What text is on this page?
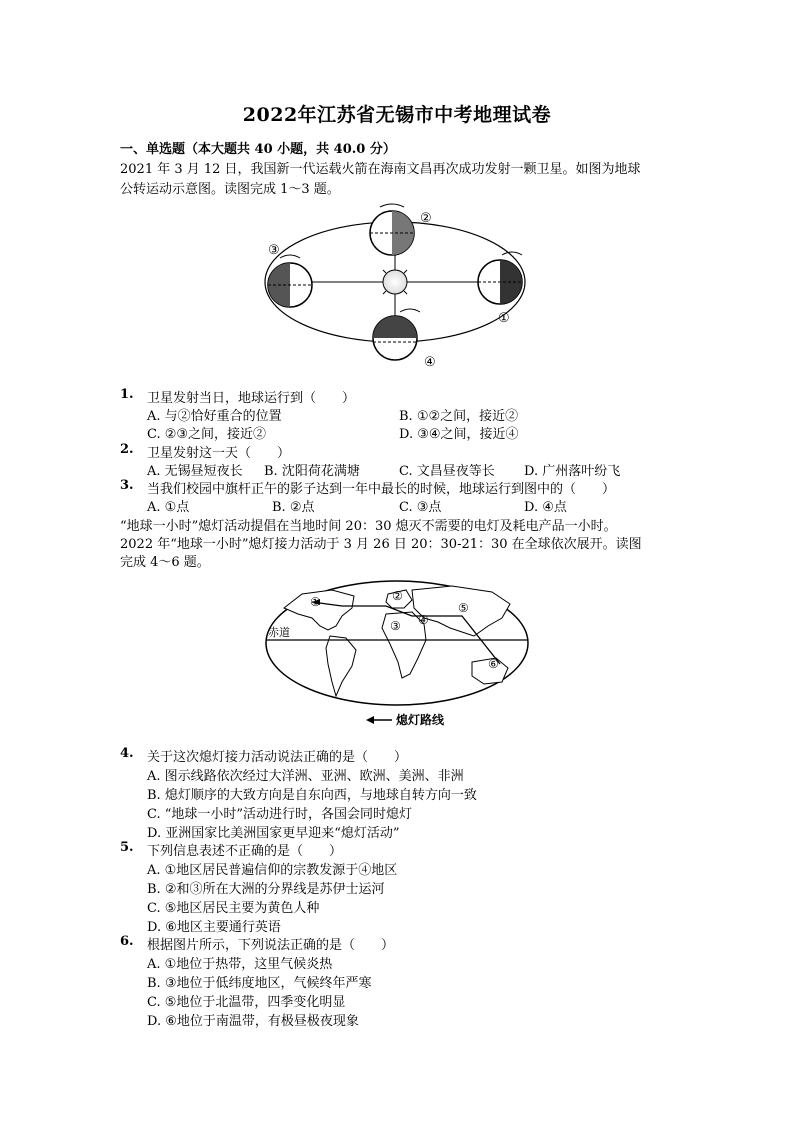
2022年江苏省无锡市中考地理试卷
一、单选题（本大题共 40 小题，共 40.0 分）
2021 年 3 月 12 日，我国新一代运载火箭在海南文昌再次成功发射一颗卫星。如图为地球
公转运动示意图。读图完成 1～3 题。
②
③
①
④
1. 卫星发射当日，地球运行到（　　）
A. 与②恰好重合的位置	B. ①②之间，接近②
C. ②③之间，接近②	D. ③④之间，接近④
2. 卫星发射这一天（　　）
A. 无锡昼短夜长 B. 沈阳荷花满塘	C. 文昌昼夜等长 D. 广州落叶纷飞
3. 当我们校园中旗杆正午的影子达到一年中最长的时候，地球运行到图中的（　　）
A. ①点	B. ②点	C. ③点	D. ④点
“地球一小时”熄灯活动提倡在当地时间 20：30 熄灭不需要的电灯及耗电产品一小时。
2022 年“地球一小时”熄灯接力活动于 3 月 26 日 20：30-21：30 在全球依次展开。读图
完成 4～6 题。
赤道
①	②
③ ④
⑤
⑥
熄灯路线
4. 关于这次熄灯接力活动说法正确的是（　　）
A. 图示线路依次经过大洋洲、亚洲、欧洲、美洲、非洲
B. 熄灯顺序的大致方向是自东向西，与地球自转方向一致
C. “地球一小时”活动进行时，各国会同时熄灯
D. 亚洲国家比美洲国家更早迎来“熄灯活动”
5. 下列信息表述不正确的是（　　）
A. ①地区居民普遍信仰的宗教发源于④地区
B. ②和③所在大洲的分界线是苏伊士运河
C. ⑤地区居民主要为黄色人种
D. ⑥地区主要通行英语
6. 根据图片所示，下列说法正确的是（　　）
A. ①地位于热带，这里气候炎热
B. ③地位于低纬度地区，气候终年严寒
C. ⑤地位于北温带，四季变化明显
D. ⑥地位于南温带，有极昼极夜现象
